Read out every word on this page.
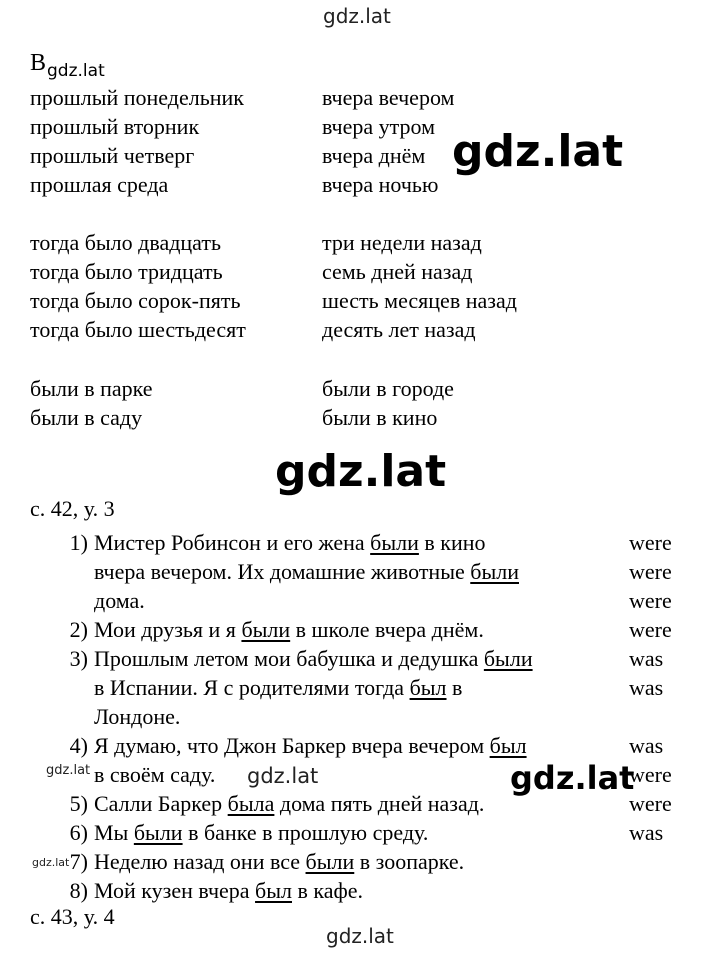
gdz.lat
gdz.lat
gdz.lat
gdz.lat
gdz.lat	gdz.lat
gdz.lat
gdz.lat
$B_{gdz.lat}$
прошлый понедельник
прошлый вторник
прошлый четверг
прошлая среда
вчера вечером
вчера утром
вчера днём
вчера ночью
тогда было двадцать
тогда было тридцать
тогда было сорок-пять
тогда было шестьдесят
три недели назад
семь дней назад
шесть месяцев назад
десять лет назад
были в парке
были в саду
были в городе
были в кино
с. 42, у. 3
1)
2)
3)
4)
5)
6)
7)
8)
Мистер Робинсон и его жена были в кино
вчера вечером. Их домашние животные были
дома.
Мои друзья и я были в школе вчера днём.
Прошлым летом мои бабушка и дедушка были
в Испании. Я с родителями тогда был в
Лондоне.
Я думаю, что Джон Баркер вчера вечером был
в своём саду.
Салли Баркер была дома пять дней назад.
Мы были в банке в прошлую среду.
Неделю назад они все были в зоопарке.
Мой кузен вчера был в кафе.
were
were
were
were
was
was
was
were
were
was
с. 43, у. 4
